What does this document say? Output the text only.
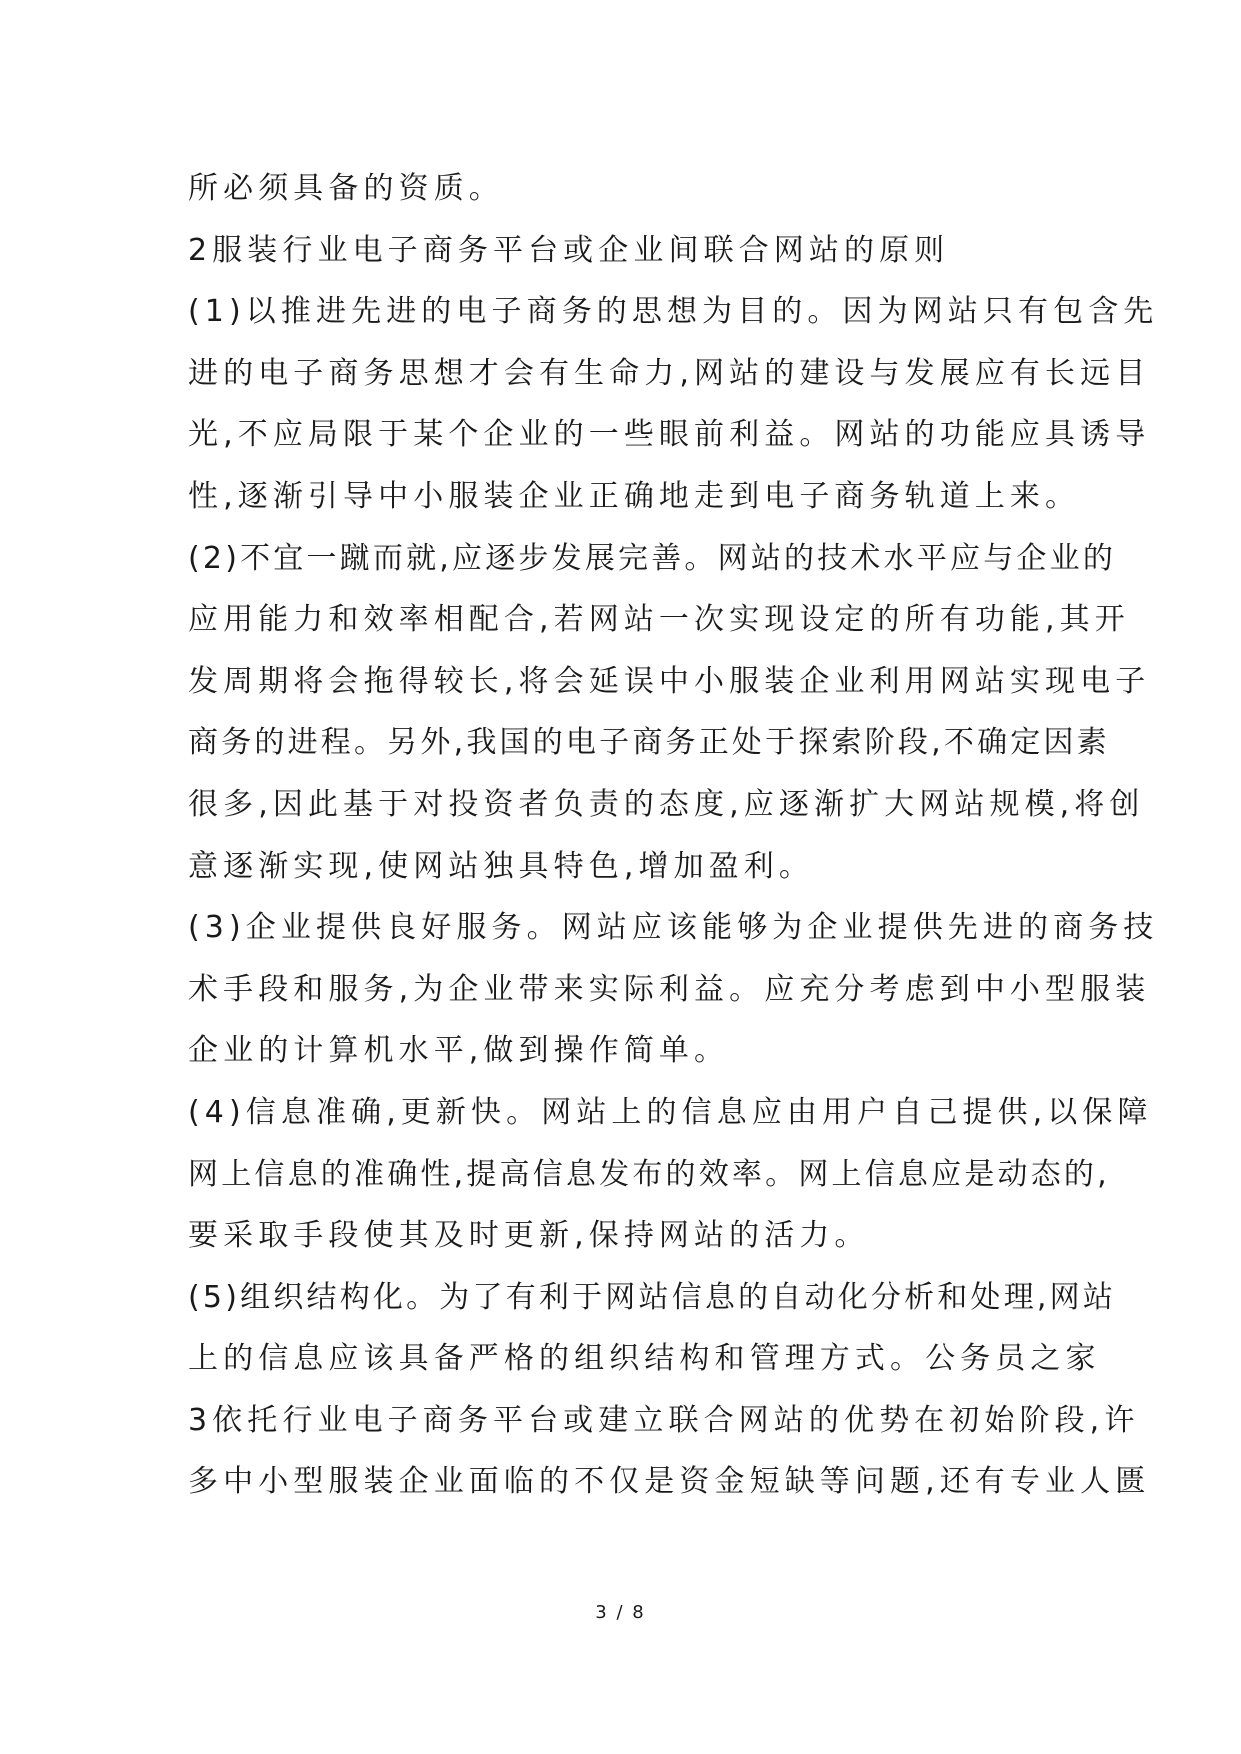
所必须具备的资质。
2服装行业电子商务平台或企业间联合网站的原则
(1)以推进先进的电子商务的思想为目的。因为网站只有包含先
进的电子商务思想才会有生命力,网站的建设与发展应有长远目
光,不应局限于某个企业的一些眼前利益。网站的功能应具诱导
性,逐渐引导中小服装企业正确地走到电子商务轨道上来。
(2)不宜一蹴而就,应逐步发展完善。网站的技术水平应与企业的
应用能力和效率相配合,若网站一次实现设定的所有功能,其开
发周期将会拖得较长,将会延误中小服装企业利用网站实现电子
商务的进程。另外,我国的电子商务正处于探索阶段,不确定因素
很多,因此基于对投资者负责的态度,应逐渐扩大网站规模,将创
意逐渐实现,使网站独具特色,增加盈利。
(3)企业提供良好服务。网站应该能够为企业提供先进的商务技
术手段和服务,为企业带来实际利益。应充分考虑到中小型服装
企业的计算机水平,做到操作简单。
(4)信息准确,更新快。网站上的信息应由用户自己提供,以保障
网上信息的准确性,提高信息发布的效率。网上信息应是动态的,
要采取手段使其及时更新,保持网站的活力。
(5)组织结构化。为了有利于网站信息的自动化分析和处理,网站
上的信息应该具备严格的组织结构和管理方式。公务员之家
3依托行业电子商务平台或建立联合网站的优势在初始阶段,许
多中小型服装企业面临的不仅是资金短缺等问题,还有专业人匮
3 / 8
